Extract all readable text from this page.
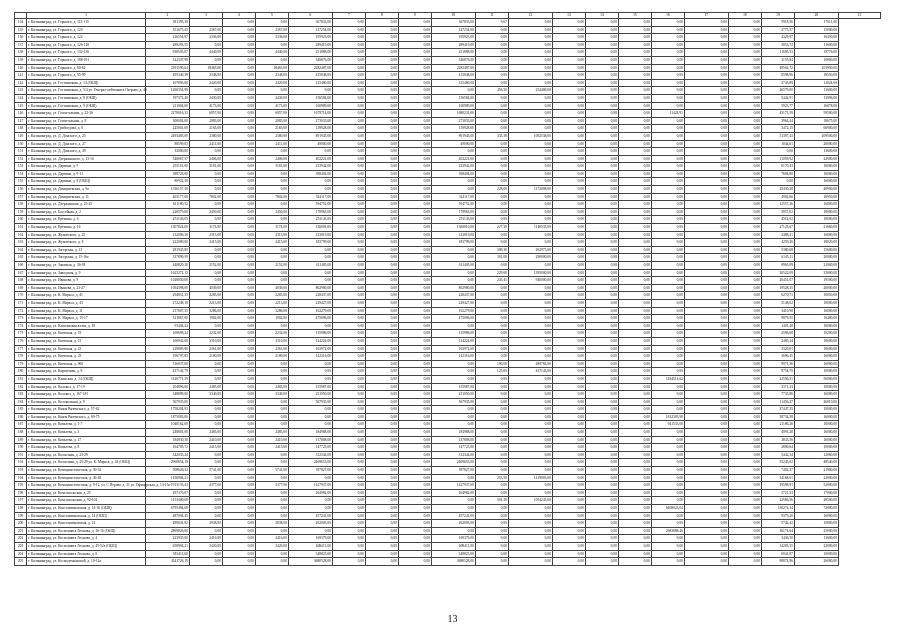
	1	2	3	4	5	6	7	8	9	10	11	12	13	14	15	16	17	18	19	20	21
134	г. Калининград, ул. Горького, д. 113-115	381395,30		0,00	0,00	367833,00	0,00	0,00	0,00	367833,00	9,67	0,00	0,00	0,00	0,00	0,00	0,00	0,00	5918,56	17011,00	
135	г. Калининград, ул. Горького, д. 120	351675,45	2367,00	0,00	2367,00	127254,00	0,00	0,00	0,00	127254,00	0,00	0,00	0,00	0,00	0,00	0,00	0,00	0,00	2775,57	15000,00	
136	г. Калининград, ул. Горького, д. 122	226554,97	2336,00	0,00	2336,00	195923,00	0,00	0,00	0,00	195923,00	0,00	0,00	0,00	0,00	0,00	0,00	0,00	0,00	4329,97	16450,00	
137	г. Калининград, ул. Горького, д. 126-128	289293,55	0,00	0,00	0,00	289419,00	0,00	0,00	0,00	289419,00	0,00	0,00	0,00	0,00	0,00	0,00	0,00	0,00	3053,72	11600,00	
138	г. Калининград, ул. Горького, д. 132-136	938505,67	4440,00	0,00	4440,00	251888,00	0,00	0,00	0,00	251888,00	0,00	0,00	0,00	0,00	0,00	0,00	0,00	0,00	11695,53	19776,00	
139	г. Калининград, ул. Горького, д. 188-191	322347,98	0,00	0,00	0,00	346876,00	0,00	0,00	0,00	346876,00	0,00	0,00	0,00	0,00	0,00	0,00	0,00	0,00	3155,84	10800,00	
140	г. Калининград, ул. Горького, д. 60-62	2391590,64	18465,00	0,00	18465,00	2282487,00	0,00	0,00	0,00	2282487,00	0,00	0,00	0,00	0,00	0,00	0,00	0,00	0,00	49562,72	103950,00	
141	г. Калининград, ул. Горького, д. 95-99	495340,38	2348,00	0,00	2348,00	415848,00	0,00	0,00	0,00	415848,00	0,00	0,00	0,00	0,00	0,00	0,00	0,00	0,00	8598,96	18550,00	
142	г. Калининград, ул. Гостиничная, д. 14 (ОБЩ)	167893,00	2420,00	0,00	2420,00	125480,00	0,00	0,00	0,00	125480,00	0,00	0,00	0,00	0,00	0,00	0,00	0,00	0,00	2745,89	12024,00	
143	г. Калининград, ул. Гостиничная, д. 5/4 ул. Генерал-лейтенанта Озерова, д. 49	1260354,99	0,00	0,00	0,00	0,00	0,00	0,00	0,00	0,00	456,50	234400,00	0,00	0,00	0,00	0,00	0,00	0,00	26579,00	11600,00	
144	г. Калининград, ул. Гостиничная, д. 8 (ОБЩ)	197372,40	2430,00	0,00	2430,00	156584,00	0,00	0,00	0,00	156584,00	0,00	0,00	0,00	0,00	0,00	0,00	0,00	0,00	5442,91	13096,00	
145	г. Калининград, ул. Гостиничная, д. 9 (ОБЩ)	211004,00	4173,00	0,00	4173,00	160989,00	0,00	0,00	0,00	160989,00	0,00	0,00	0,00	0,00	0,00	0,00	0,00	0,00	5923,77	16078,00	
146	г. Калининград, ул. Госпитальная, д. 22-26	2278016,33	6057,00	0,00	6057,00	1679714,00	0,00	0,00	0,00	1680231,00	0,00	0,00	0,00	0,00	0,00	11424,91	0,00	0,00	43171,39	59500,00	
147	г. Калининград, ул. Госпитальная, д. 9	300004,00	2083,00	0,00	2083,00	273033,00	0,00	0,00	0,00	273033,00	0,00	0,00	0,00	0,00	0,00	0,00	0,00	0,00	3964,44	18675,00	
148	г. Калининград, ул. Грибоедова, д. 8	225001,00	2165,00	0,00	2165,00	139928,00	0,00	0,00	0,00	139928,00	0,00	0,00	0,00	0,00	0,00	0,00	0,00	0,00	3472,15	66900,00	
149	г. Калининград, ул. Д. Донского, д. 25	2493485,00	2380,00	0,00	2380,00	891945,00	0,00	0,00	0,00	891945,00	335,38	1092538,00	0,00	0,00	0,00	0,00	0,00	0,00	51397,43	209500,00	
150	г. Калининград, ул. Д. Донского, д. 27	88599,03	2411,00	0,00	2411,00	49000,00	0,00	0,00	0,00	49000,00	0,00	0,00	0,00	0,00	0,00	0,00	0,00	0,00	1044,61	20000,00	
151	г. Калининград, ул. Д. Донского, д. 49	33000,00	0,00	0,00	0,00	0,00	0,00	0,00	0,00	0,00	0,00	0,00	0,00	0,00	0,00	0,00	0,00	0,00	0,00	11600,00	
152	г. Калининград, ул. Дзержинского, д. 13-16	548067,57	2406,00	0,00	2406,00	402221,00	0,00	0,00	0,00	402221,00	0,00	0,00	0,00	0,00	0,00	0,00	0,00	0,00	11059,92	22900,00	
153	г. Калининград, ул. Дарвина, д. 5	291101,00	3181,00	0,00	3181,00	233942,00	0,00	0,00	0,00	233942,00	0,00	0,00	0,00	0,00	0,00	0,00	0,00	0,00	6170,43	16000,00	
154	г. Калининград, ул. Дарвина, д. 9-11	388728,00	0,00	0,00	0,00	398404,00	0,00	0,00	0,00	398404,00	0,00	0,00	0,00	0,00	0,00	0,00	0,00	0,00	7694,80	16000,00	
155	г. Калининград, ул. Дарвина, д. 8 (ОБЩ)	80922,30	0,00	0,00	0,00	0,00	0,00	0,00	0,00	0,00	0,00	0,00	0,00	0,00	0,00	0,00	0,00	0,00	0,00	16000,00	
156	г. Калининград, ул. Дмитриевская, д. 9а	1336157,30	0,00	0,00	0,00	0,00	0,00	0,00	0,00	0,00	228,00	1172008,00	0,00	0,00	0,00	0,00	0,00	0,00	25430,28	40900,00	
157	г. Калининград, ул. Дмитриевская, д. 11	403177,00	7802,00	0,00	7802,00	324117,00	0,00	0,00	0,00	324117,00	0,00	0,00	0,00	0,00	0,00	0,00	0,00	0,00	4902,66	16950,00	
158	г. Калининград, ул. Дзержинская, д. 23-25	611180,52	0,00	0,00	0,00	594752,00	0,00	0,00	0,00	594752,00	0,00	0,00	0,00	0,00	0,00	0,00	0,00	0,00	12557,26	16800,00	
159	г. Калининград, ул. Бассейная, д. 2	220579,00	2450,00	0,00	2450,00	178963,00	0,00	0,00	0,00	178963,00	0,00	0,00	0,00	0,00	0,00	0,00	0,00	0,00	3957,02	18000,00	
160	г. Калининград, ул. Ерёмина, д. 6	251143,05	0,00	0,00	0,00	251143,00	0,00	0,00	0,00	251143,00	0,00	0,00	0,00	0,00	0,00	0,00	0,00	0,00	4512,02	18000,00	
161	г. Калининград, ул. Ерёмина, д. 16	1307824,00	3174,00	0,00	3174,00	136001,00	0,00	0,00	0,00	1360010,00	227,30	1148535,00	0,00	0,00	0,00	0,00	0,00	0,00	27125,67	21660,00	
162	г. Калининград, ул. Жуковского, д. 25	132000,30	2315,00	0,00	2315,00	123019,00	0,00	0,00	0,00	123019,00	0,00	0,00	0,00	0,00	0,00	0,00	0,00	0,00	2488,21	16000,00	
163	г. Калининград, ул. Жуковского, д. 8	222000,00	2415,00	0,00	2415,00	183799,00	0,00	0,00	0,00	183799,00	0,00	0,00	0,00	0,00	0,00	0,00	0,00	0,00	4259,26	18020,00	
164	г. Калининград, ул. Загорская, д. 13	281945,80	0,00	0,00	0,00	0,00	0,00	0,00	0,00	0,00	309,30	262975,00	0,00	0,00	0,00	0,00	0,00	0,00	5380,68	15600,00	
165	г. Калининград, ул. Загорская, д. 15-16а	337890,59	0,00	0,00	0,00	0,00	0,00	0,00	0,00	0,00	301,00	290000,00	0,00	0,00	0,00	0,00	0,00	0,00	6145,11	20000,00	
166	г. Калининград, ул. Закатная, д. 36-38	440820,20	2152,00	0,00	2152,00	411405,00	0,00	0,00	0,00	411405,00	0,00	0,00	0,00	0,00	0,00	0,00	0,00	0,00	8965,09	21000,00	
167	г. Калининград, ул. Заводская, д. 9	1625272,12	0,00	0,00	0,00	0,00	0,00	0,00	0,00	0,00	229,00	1395000,00	0,00	0,00	0,00	0,00	0,00	0,00	30522,09	33000,00	
168	г. Калининград, ул. Иванова, д. 9	1028050,00	0,00	0,00	0,00	0,00	0,00	0,00	0,00	0,00	245,45	940000,00	0,00	0,00	0,00	0,00	0,00	0,00	20451,07	19500,00	
169	г. Калининград, ул. Иванова, д. 23-27	1054398,00	4039,00	0,00	4039,00	862980,00	0,00	0,00	0,00	862980,00	0,00	0,00	0,00	0,00	0,00	0,00	0,00	0,00	19528,35	20000,00	
170	г. Калининград, ул. К. Маркса, д. 41	294831,35	2285,00	0,00	2285,00	228437,00	0,00	0,00	0,00	228437,00	0,00	0,00	0,00	0,00	0,00	0,00	0,00	0,00	6270,71	10050,00	
171	г. Калининград, ул. К. Маркса, д. 43	272248,10	2213,00	0,00	2213,00	229427,00	0,00	0,00	0,00	229427,00	0,00	0,00	0,00	0,00	0,00	0,00	0,00	0,00	5148,02	18000,00	
172	г. Калининград, ул. К. Маркса, д. 11	217607,35	3286,00	0,00	3286,00	162279,00	0,00	0,00	0,00	162279,00	0,00	0,00	0,00	0,00	0,00	0,00	0,00	0,00	3410,90	16000,00	
173	г. Калининград, ул. К. Маркса, д. 15-17	521867,00	1902,00	0,00	1902,00	475096,00	0,00	0,00	0,00	475096,00	0,00	0,00	0,00	0,00	0,00	0,00	0,00	0,00	9879,55	16400,00	
174	г. Калининград, ул. Каштановая аллея, д. 18	93404,22	0,00	0,00	0,00	0,00	0,00	0,00	0,00	0,00	0,00	0,00	0,00	0,00	0,00	0,00	0,00	0,00	1401,48	16000,00	
175	г. Калининград, ул. Киевская, д. 19	169698,24	2232,00	0,00	2232,00	135986,00	0,00	0,00	0,00	135986,00	0,00	0,00	0,00	0,00	0,00	0,00	0,00	0,00	2596,68	10200,00	
176	г. Калининград, ул. Киевская, д. 21	160042,00	3310,00	0,00	3310,00	124224,00	0,00	0,00	0,00	124224,00	0,00	0,00	0,00	0,00	0,00	0,00	0,00	0,00	2485,24	18000,00	
177	г. Калининград, ул. Киевская, д. 23	229885,80	2361,00	0,00	2361,00	163972,00	0,00	0,00	0,00	163972,00	0,00	0,00	0,00	0,00	0,00	0,00	0,00	0,00	3320,01	18000,00	
178	г. Калининград, ул. Киевская, д. 25	196797,83	2180,00	0,00	2180,00	142316,00	0,00	0,00	0,00	142316,00	0,00	0,00	0,00	0,00	0,00	0,00	0,00	0,00	3696,45	16000,00	
179	г. Калининград, ул. Киевская, д. 96б	516037,00	0,00	0,00	0,00	0,00	0,00	0,00	0,00	0,00	190,00	489784,00	0,00	0,00	0,00	0,00	0,00	0,00	9971,36	16000,00	
180	г. Калининград, ул. Кирпичная, д. 9	437142,79	0,00	0,00	0,00	0,00	0,00	0,00	0,00	0,00	125,00	437143,00	0,00	0,00	0,00	0,00	0,00	0,00	9754,79	10000,00	
181	г. Калининград, ул. Клинская, д. 14 (ОБЩ)	1120771,39	0,00	0,00	0,00	0,00	0,00	0,00	0,00	0,00	0,00	0,00	0,00	0,00	0,00	1184514,62	0,00	0,00	22556,51	56000,00	
182	г. Калининград, ул. Колокол, д. 17-19	204896,00	2485,00	0,00	2485,00	155987,00	0,00	0,00	0,00	155987,00	0,00	0,00	0,00	0,00	0,00	0,00	0,00	0,00	3371,23	10000,00	
183	г. Калининград, ул. Колокол, д. 167-181	348899,00	3340,00	0,00	3340,00	251050,00	0,00	0,00	0,00	251050,00	0,00	0,00	0,00	0,00	0,00	0,00	0,00	0,00	7735,86	16000,00	
184	г. Калининград, ул. Колокольная, д. 9	567935,00	0,00	0,00	0,00	567935,00	0,00	0,00	0,00	567935,00	0,00	0,00	0,00	0,00	0,00	0,00	0,00	0,00	11456,27	26010,00	
185	г. Калининград, ул. Князя Вяземского, д. 57-62	1758204,93	0,00	0,00	0,00	0,00	0,00	0,00	0,00	0,00	0,00	0,00	0,00	0,00	0,00	0,00	0,00	0,00	37447,35	10000,00	
186	г. Калининград, ул. Князя Вяземского, д. 69-75	1875003,00	0,00	0,00	0,00	0,00	0,00	0,00	0,00	0,00	0,00	0,00	0,00	0,00	0,00	1812303,98	0,00	0,00	38734,58	16000,00	
187	г. Калининград, ул. Ковалева, д. 1-7	1040162,00	0,00	0,00	0,00	0,00	0,00	0,00	0,00	0,00	0,00	0,00	0,00	0,00	0,00	941533,00	0,00	0,00	21186,26	10000,00	
188	г. Калининград, ул. Ковалева, д. 3	248801,00	2485,00	0,00	2485,00	184988,00	0,00	0,00	0,00	184988,00	0,00	0,00	0,00	0,00	0,00	0,00	0,00	0,00	4991,28	16000,00	
189	г. Калининград, ул. Ковалева, д. 17	184930,30	2410,00	0,00	2410,00	137808,00	0,00	0,00	0,00	137808,00	0,00	0,00	0,00	0,00	0,00	0,00	0,00	0,00	3833,56	16000,00	
190	г. Калининград, ул. Ковалева, д. 8	164705,72	2415,00	0,00	2415,00	147725,00	0,00	0,00	0,00	147725,00	0,00	0,00	0,00	0,00	0,00	0,00	0,00	0,00	2800,64	10000,00	
191	г. Калининград, ул. Колхозная, д. 23-29	342035,24	0,00	0,00	0,00	312344,00	0,00	0,00	0,00	312344,00	0,00	0,00	0,00	0,00	0,00	0,00	0,00	0,00	5442,34	12060,00	
192	г. Калининград, ул. Колхозная, д. 25/29 ул. К. Маркса, д. 44 (ОБЩ)	2960654,19	0,00	0,00	0,00	2469653,00	0,00	0,00	0,00	2469653,00	0,00	0,00	0,00	0,00	0,00	0,00	0,00	0,00	55245,02	48540,00	
193	г. Калининград, ул. Коммунистическая, д. 30-32	508626,32	5741,00	0,00	5741,00	397827,00	0,00	0,00	0,00	397827,00	0,00	0,00	0,00	0,00	0,00	0,00	0,00	0,00	7402,37	21900,00	
194	г. Калининград, ул. Коммунистическая, д. 46-48	1450004,21	0,00	0,00	0,00	0,00	0,00	0,00	0,00	0,00	253,50	1419003,00	0,00	0,00	0,00	0,00	0,00	0,00	34168,61	22000,00	
195	г. Калининград, ул. Коммунистическая, д. 9-12, ул. С.Перова, д. 31 ул. Офицерская, д. 13-15а	1913133,43	2377,00	0,00	2377,00	1427937,00	0,00	0,00	0,00	1427937,00	0,00	0,00	0,00	0,00	0,00	0,00	0,00	0,00	29598,91	52000,00	
196	г. Калининград, ул. Комсомольская, д. 25	297370,07	0,00	0,00	0,00	264982,00	0,00	0,00	0,00	264982,00	0,00	0,00	0,00	0,00	0,00	0,00	0,00	0,00	5721,33	17000,00	
197	г. Калининград, ул. Комсомольская, д. 92-102	1153400,00	0,00	0,00	0,00	0,00	0,00	0,00	0,00	0,00	301,20	1054245,00	0,00	0,00	0,00	0,00	0,00	0,00	22566,56	28500,00	
198	г. Калининград, ул. Константиновская, д. 14-16 (ОБЩ)	6795494,00	0,00	0,00	0,00	0,00	0,00	0,00	0,00	0,00	0,00	0,00	0,00	0,00	0,00	6408023,04	0,00	0,00	130274,34	72000,00	
199	г. Калининград, ул. Константиновская, д. 14 (ОБЩ)	487094,45	0,00	0,00	0,00	457241,00	0,00	0,00	0,00	457241,00	0,00	0,00	0,00	0,00	0,00	0,00	0,00	0,00	9379,20	16000,00	
200	г. Калининград, ул. Константиновская, д. 24	289041,82	2838,00	0,00	2838,00	262003,00	0,00	0,00	0,00	262003,00	0,00	0,00	0,00	0,00	0,00	0,00	0,00	0,00	5742,42	10800,00	
201	г. Калининград, ул. Космонавта Леонова, д. 16-16 (ОБЩ)	2869826,00	0,00	0,00	0,00	0,00	0,00	0,00	0,00	0,00	0,00	0,00	0,00	0,00	0,00	2683888,46	0,00	0,00	36174,64	25000,00	
202	г. Калининград, ул. Космонавта Леонова, д. 4	223935,00	2416,00	0,00	2416,00	169379,00	0,00	0,00	0,00	169379,00	0,00	0,00	0,00	0,00	0,00	0,00	0,00	0,00	3436,50	11600,00	
203	г. Калининград, ул. Космонавта Леонова, д. 45-52а (ОБЩ)	658994,21	3420,00	0,00	3420,00	608411,00	0,00	0,00	0,00	608411,00	0,00	0,00	0,00	0,00	0,00	0,00	0,00	0,00	14283,35	22000,00	
204	г. Калининград, ул. Космонавта Леонова, д. 9	381411,60	0,00	0,00	0,00	348823,00	0,00	0,00	0,00	348823,00	0,00	0,00	0,00	0,00	0,00	0,00	0,00	0,00	6941,87	10000,00	
205	г. Калининград, ул. Космодемьянской, д. 10-12а	4341726,19	0,00	0,00	0,00	3680528,00	0,00	0,00	0,00	3680528,00	0,00	0,00	0,00	0,00	0,00	0,00	0,00	0,00	88874,96	26000,00	
13
